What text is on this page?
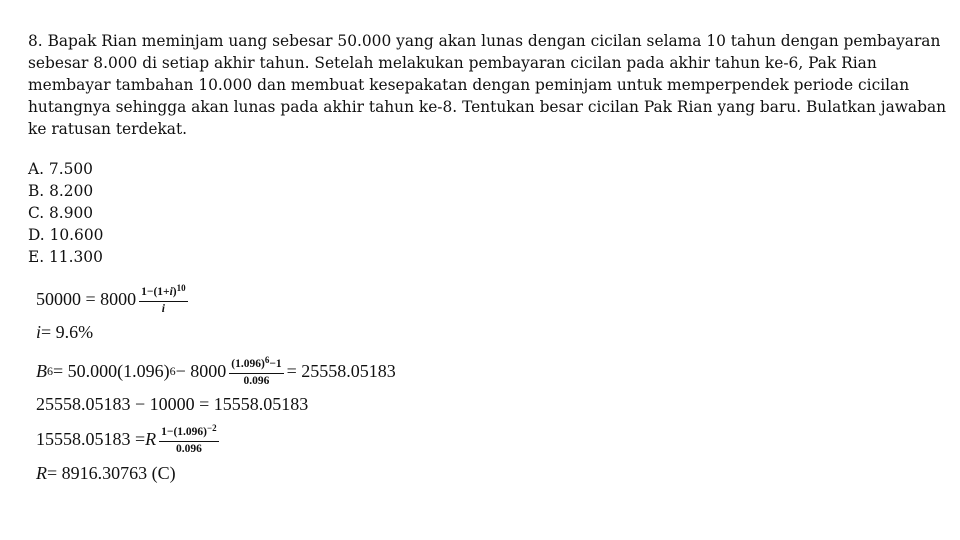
8. Bapak Rian meminjam uang sebesar 50.000 yang akan lunas dengan cicilan selama 10 tahun dengan pembayaran
sebesar 8.000 di setiap akhir tahun. Setelah melakukan pembayaran cicilan pada akhir tahun ke-6, Pak Rian
membayar tambahan 10.000 dan membuat kesepakatan dengan peminjam untuk memperpendek periode cicilan
hutangnya sehingga akan lunas pada akhir tahun ke-8. Tentukan besar cicilan Pak Rian yang baru. Bulatkan jawaban
ke ratusan terdekat.
A. 7.500
B. 8.200
C. 8.900
D. 10.600
E. 11.300
$50000 = 8000 \frac{1-(1+i)^{10}}{i}$
i = 9.6%
B 6 = 50.000(1.096) $6 - 8000 \frac{(1.096)^6-1}{0.096} = 25558.05183$
25558.05183 − 10000 = 15558.05183
15558.05183 = R $\frac{1-(1.096)^{-2}}{0.096}$
R = 8916.30763 (C)
